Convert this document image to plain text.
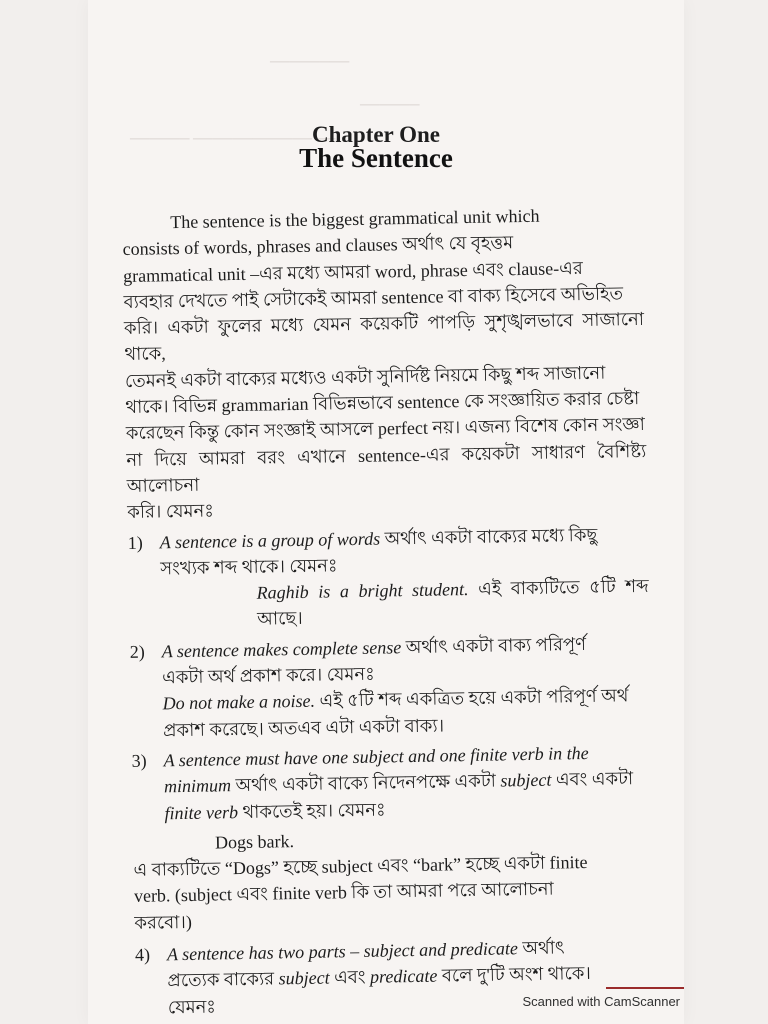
────────
──────
────── ──────────── ──
Chapter One
The Sentence

The sentence is the biggest grammatical unit which

consists of words, phrases and clauses অর্থাৎ যে বৃহত্তম

grammatical unit –এর মধ্যে আমরা word, phrase এবং clause-এর

ব্যবহার দেখতে পাই সেটাকেই আমরা sentence বা বাক্য হিসেবে অভিহিত

করি। একটা ফুলের মধ্যে যেমন কয়েকটি পাপড়ি সুশৃঙ্খলভাবে সাজানো থাকে,

তেমনই একটা বাক্যের মধ্যেও একটা সুনির্দিষ্ট নিয়মে কিছু শব্দ সাজানো

থাকে। বিভিন্ন grammarian বিভিন্নভাবে sentence কে সংজ্ঞায়িত করার চেষ্টা

করেছেন কিন্তু কোন সংজ্ঞাই আসলে perfect নয়। এজন্য বিশেষ কোন সংজ্ঞা

না দিয়ে আমরা বরং এখানে sentence-এর কয়েকটা সাধারণ বৈশিষ্ট্য আলোচনা

করি। যেমনঃ

1) A sentence is a group of words অর্থাৎ একটা বাক্যের মধ্যে কিছু

সংখ্যক শব্দ থাকে। যেমনঃ

Raghib is a bright student. এই বাক্যটিতে ৫টি শব্দ আছে।

2) A sentence makes complete sense অর্থাৎ একটা বাক্য পরিপূর্ণ

একটা অর্থ প্রকাশ করে। যেমনঃ

Do not make a noise. এই ৫টি শব্দ একত্রিত হয়ে একটা পরিপূর্ণ অর্থ

প্রকাশ করেছে। অতএব এটা একটা বাক্য।

3) A sentence must have one subject and one finite verb in the

minimum অর্থাৎ একটা বাক্যে নিদেনপক্ষে একটা subject এবং একটা

finite verb থাকতেই হয়। যেমনঃ

Dogs bark.

এ বাক্যটিতে “Dogs” হচ্ছে subject এবং “bark” হচ্ছে একটা finite

verb. (subject এবং finite verb কি তা আমরা পরে আলোচনা

করবো।)

4) A sentence has two parts – subject and predicate অর্থাৎ

প্রত্যেক বাক্যের subject এবং predicate বলে দু'টি অংশ থাকে।

যেমনঃ	Scanned with CamScanner
